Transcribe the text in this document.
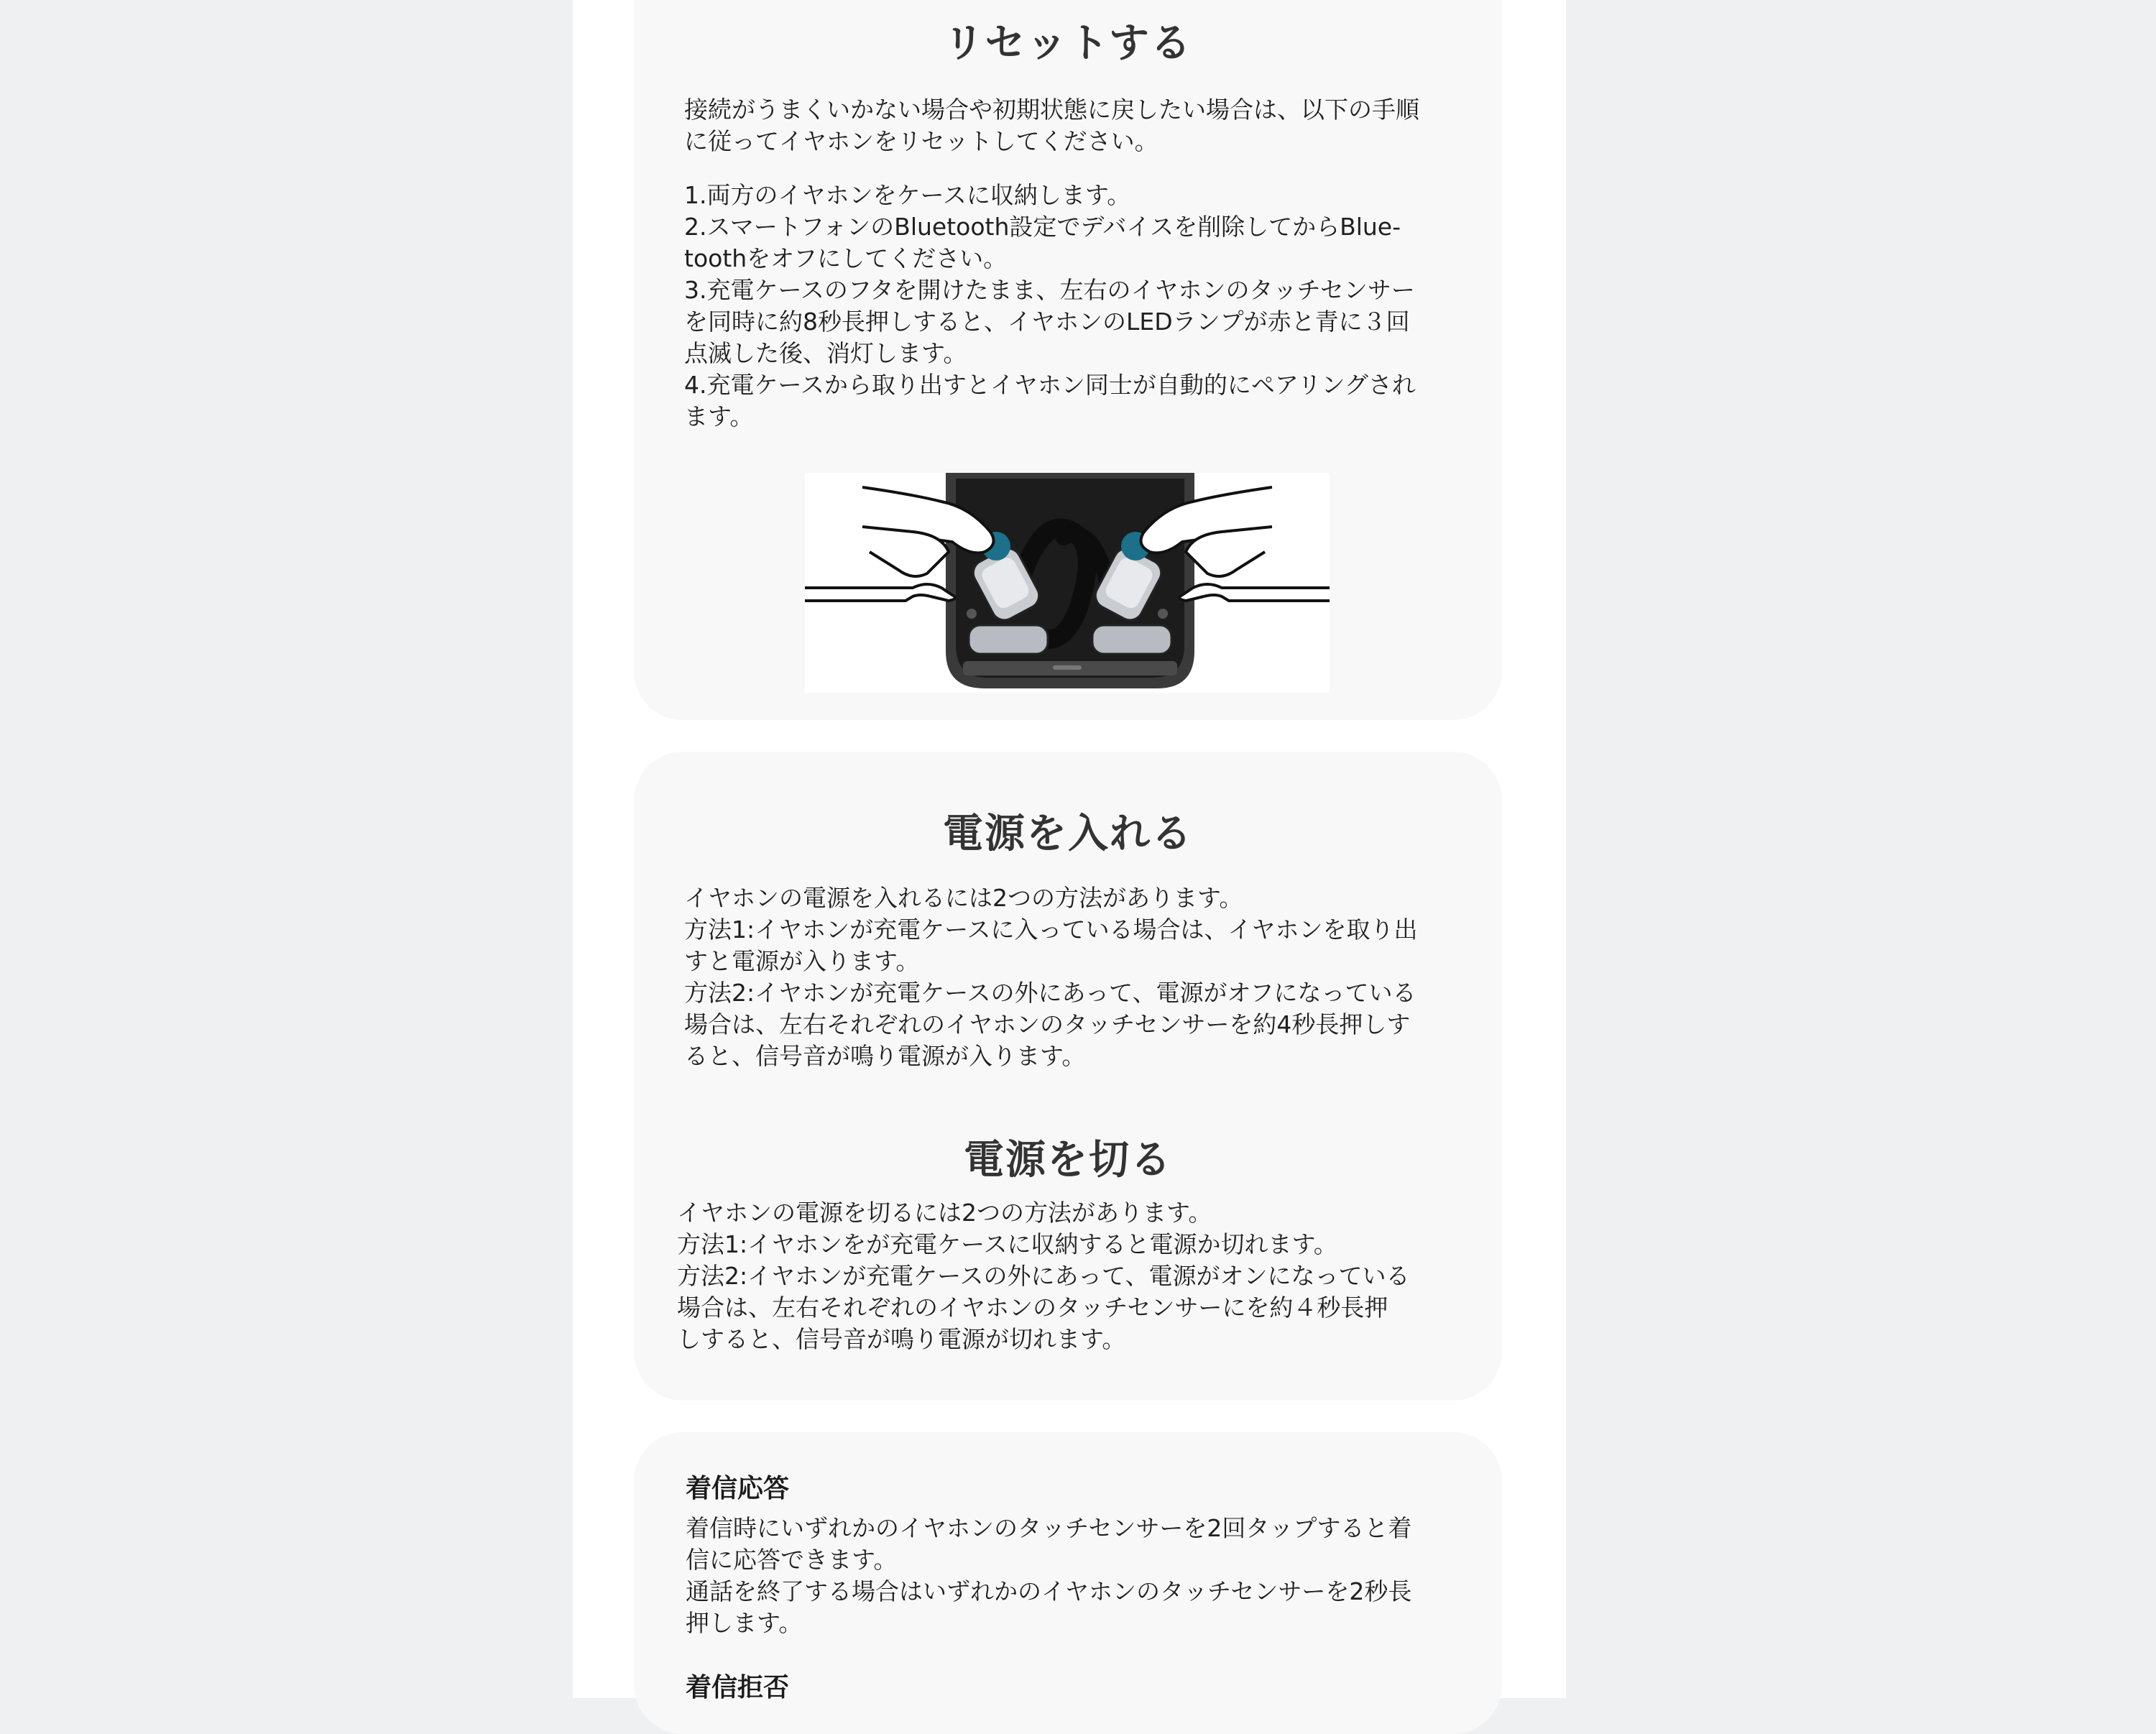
リセットする

接続がうまくいかない場合や初期状態に戻したい場合は、以下の手順
に従ってイヤホンをリセットしてください。

1.両方のイヤホンをケースに収納します。
2.スマートフォンのBluetooth設定でデバイスを削除してからBlue-
toothをオフにしてください。
3.充電ケースのフタを開けたまま、左右のイヤホンのタッチセンサー
を同時に約8秒長押しすると、イヤホンのLEDランプが赤と青に３回
点滅した後、消灯します。
4.充電ケースから取り出すとイヤホン同士が自動的にペアリングされ
ます。

電源を入れる

イヤホンの電源を入れるには2つの方法があります。
方法1:イヤホンが充電ケースに入っている場合は、イヤホンを取り出
すと電源が入ります。
方法2:イヤホンが充電ケースの外にあって、電源がオフになっている
場合は、左右それぞれのイヤホンのタッチセンサーを約4秒長押しす
ると、信号音が鳴り電源が入ります。

電源を切る

イヤホンの電源を切るには2つの方法があります。
方法1:イヤホンをが充電ケースに収納すると電源か切れます。
方法2:イヤホンが充電ケースの外にあって、電源がオンになっている
場合は、左右それぞれのイヤホンのタッチセンサーにを約４秒長押
しすると、信号音が鳴り電源が切れます。

着信応答

着信時にいずれかのイヤホンのタッチセンサーを2回タップすると着
信に応答できます。
通話を終了する場合はいずれかのイヤホンのタッチセンサーを2秒長
押します。

着信拒否
